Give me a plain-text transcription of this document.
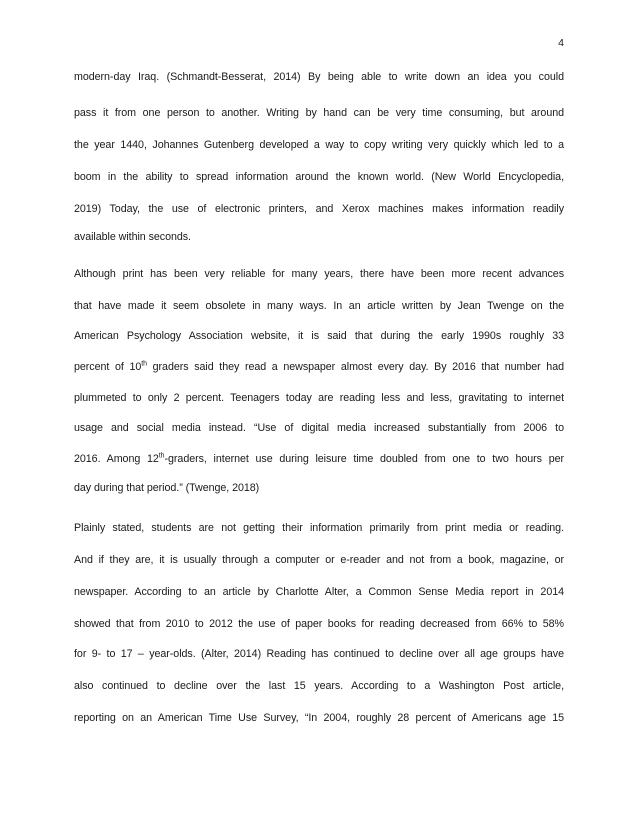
4
modern-day Iraq. (Schmandt-Besserat, 2014) By being able to write down an idea you could
pass it from one person to another. Writing by hand can be very time consuming, but around
the year 1440, Johannes Gutenberg developed a way to copy writing very quickly which led to a
boom in the ability to spread information around the known world. (New World Encyclopedia,
2019) Today, the use of electronic printers, and Xerox machines makes information readily
available within seconds.
Although print has been very reliable for many years, there have been more recent advances
that have made it seem obsolete in many ways. In an article written by Jean Twenge on the
American Psychology Association website, it is said that during the early 1990s roughly 33
percent of 10th graders said they read a newspaper almost every day. By 2016 that number had
plummeted to only 2 percent. Teenagers today are reading less and less, gravitating to internet
usage and social media instead. “Use of digital media increased substantially from 2006 to
2016. Among 12th-graders, internet use during leisure time doubled from one to two hours per
day during that period.” (Twenge, 2018)
Plainly stated, students are not getting their information primarily from print media or reading.
And if they are, it is usually through a computer or e-reader and not from a book, magazine, or
newspaper. According to an article by Charlotte Alter, a Common Sense Media report in 2014
showed that from 2010 to 2012 the use of paper books for reading decreased from 66% to 58%
for 9- to 17 – year-olds. (Alter, 2014) Reading has continued to decline over all age groups have
also continued to decline over the last 15 years. According to a Washington Post article,
reporting on an American Time Use Survey, “In 2004, roughly 28 percent of Americans age 15
